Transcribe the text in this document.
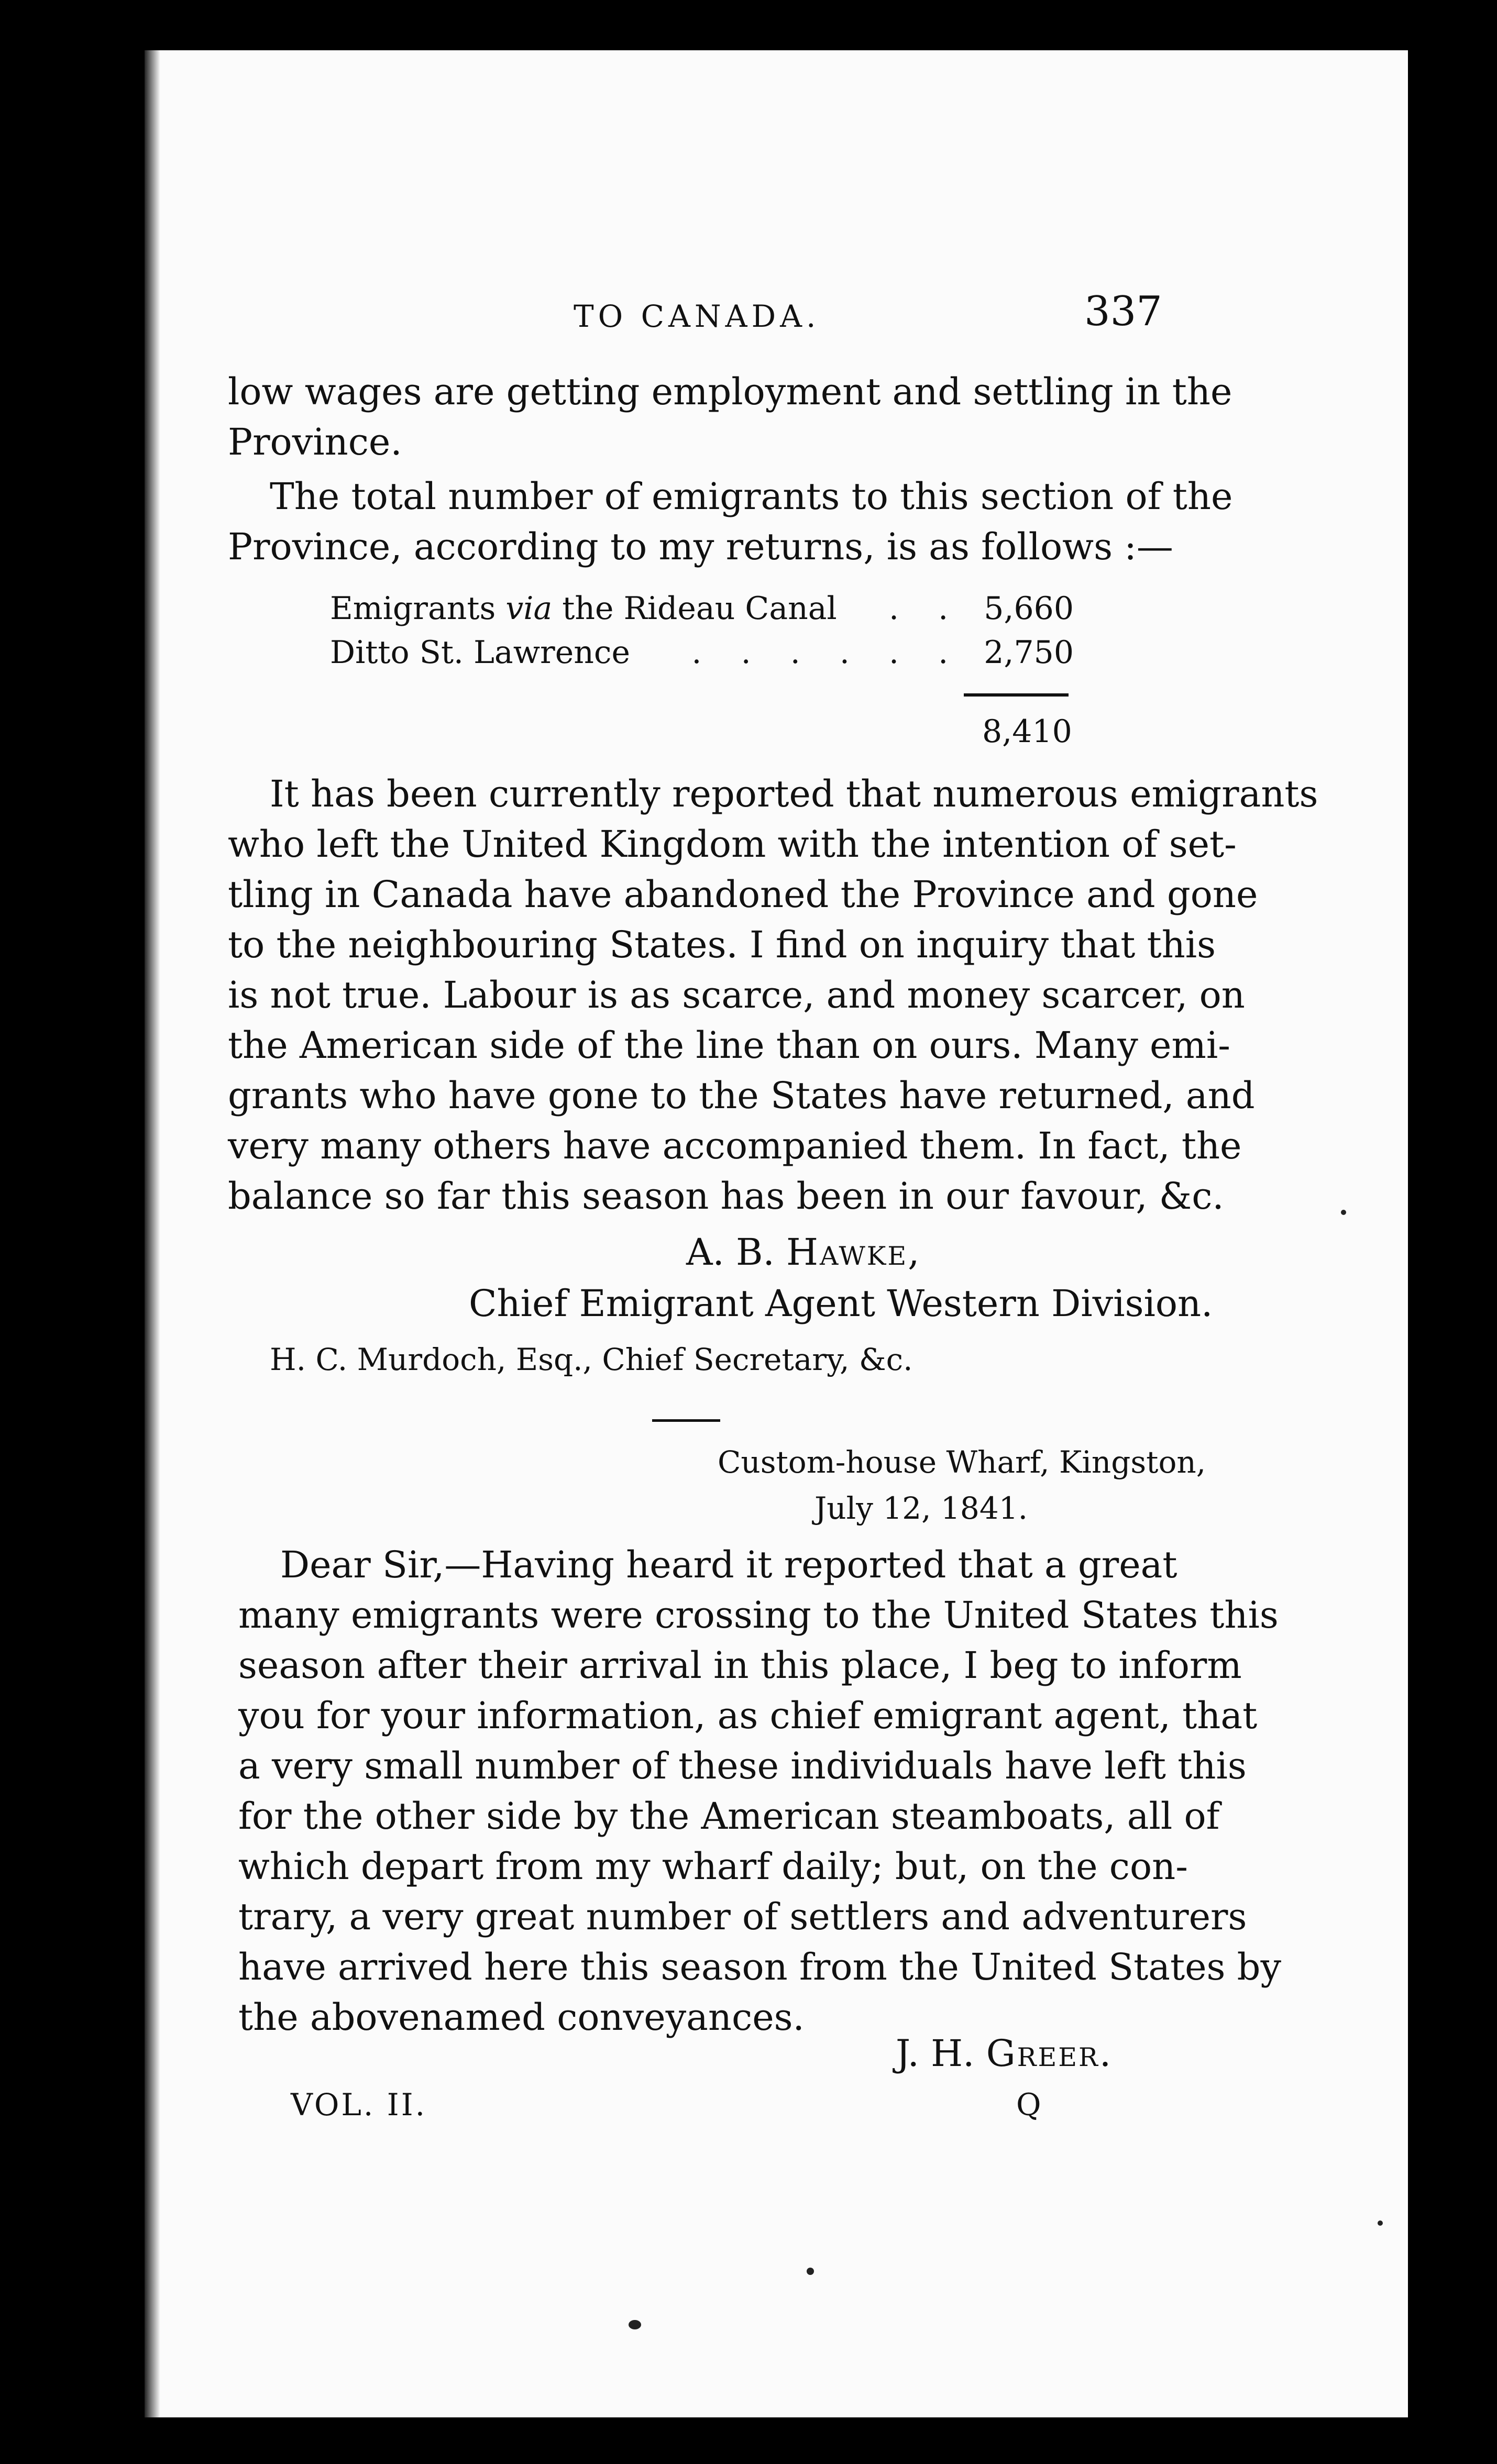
TO CANADA.	337
low wages are getting employment and settling in the
Province.
The total number of emigrants to this section of the
Province, according to my returns, is as follows :—
Emigrants via the Rideau Canal	. . 5,660
Ditto St. Lawrence	. . . . . . 2,750
8,410
It has been currently reported that numerous emigrants
who left the United Kingdom with the intention of set-
tling in Canada have abandoned the Province and gone
to the neighbouring States. I find on inquiry that this
is not true. Labour is as scarce, and money scarcer, on
the American side of the line than on ours. Many emi-
grants who have gone to the States have returned, and
very many others have accompanied them. In fact, the
balance so far this season has been in our favour, &c.
A. B. Hawke,
Chief Emigrant Agent Western Division.
H. C. Murdoch, Esq., Chief Secretary, &c.
Custom-house Wharf, Kingston,
July 12, 1841.
Dear Sir,—Having heard it reported that a great
many emigrants were crossing to the United States this
season after their arrival in this place, I beg to inform
you for your information, as chief emigrant agent, that
a very small number of these individuals have left this
for the other side by the American steamboats, all of
which depart from my wharf daily; but, on the con-
trary, a very great number of settlers and adventurers
have arrived here this season from the United States by
the abovenamed conveyances.
J. H. Greer.
VOL. II.	Q
